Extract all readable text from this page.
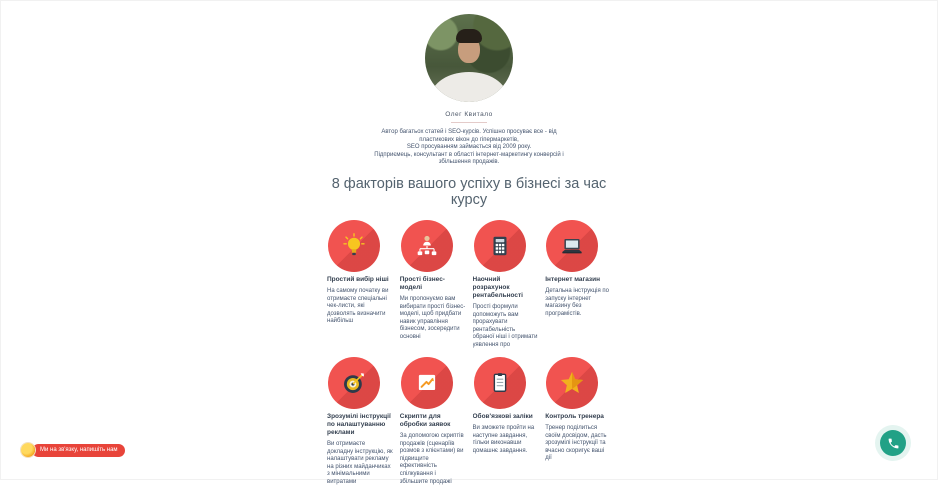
Олег Квитало
Автор багатьох статей і SEO-курсів. Успішно просуває все - від
пластикових вікон до гіпермаркетів,
SEO просуванням займається від 2009 року.
Підприємець, консультант в області інтернет-маркетингу конверсій і
збільшення продажів.
8 факторів вашого успіху в бізнесі за час курсу
Простий вибір ніші
На самому початку ви отримаєте спеціальні чек-листи, які дозволять визначити найбільш
Прості бізнес-моделі
Ми пропонуємо вам вибирати прості бізнес-моделі, щоб придбати навик управління бізнесом, зосередити основні
Наочний розрахунок рентабельності
Прості формули допоможуть вам прорахувати рентабельність обраної ніші і отримати уявлення про
Інтернет магазин
Детальна інструкція по запуску інтернет магазину без програмістів.
Зрозумілі інструкції по налаштуванню реклами
Ви отримаєте докладну інструкцію, як налаштувати рекламу на різних майданчиках з мінімальними витратами
Скрипти для обробки заявок
За допомогою скриптів продажів (сценаріїв розмов з клієнтами) ви підвищите ефективність спілкування і збільшите продажі
Обов'язкові заліки
Ви зможете пройти на наступне завдання, тільки виконавши домашнє завдання.
Контроль тренера
Тренер поділиться своїм досвідом, дасть зрозумілі інструкції та вчасно скоригує ваші дії
Ми на зв'язку, напишіть нам
